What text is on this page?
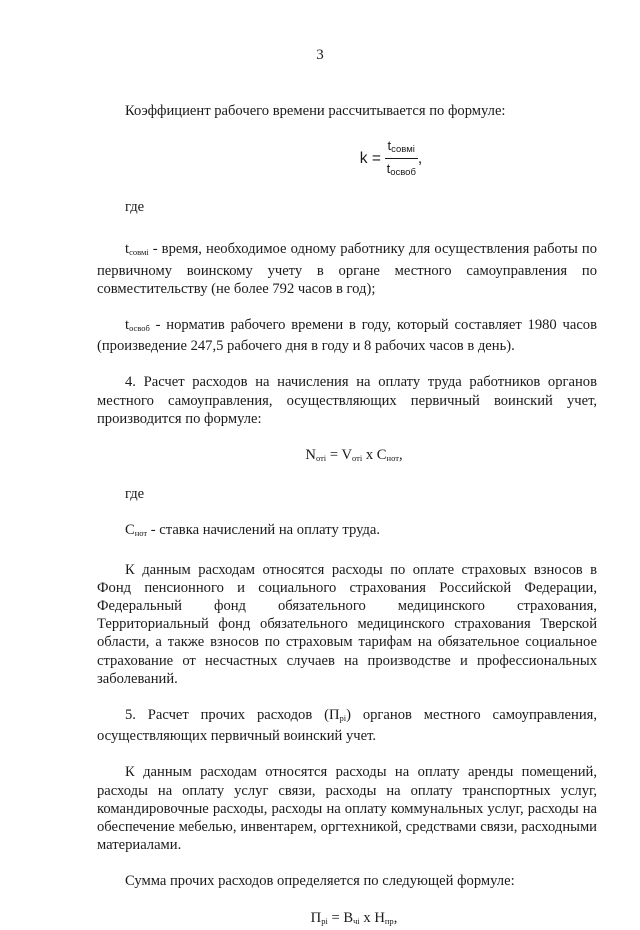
3

Коэффициент рабочего времени рассчитывается по формуле:

$k = \frac{t_{совмі}}{t_{освоб}}$ ,

где

tсовмі - время, необходимое одному работнику для осуществления работы по первичному воинскому учету в органе местного самоуправления по совместительству (не более 792 часов в год);

tосвоб - норматив рабочего времени в году, который составляет 1980 часов (произведение 247,5 рабочего дня в году и 8 рабочих часов в день).

4. Расчет расходов на начисления на оплату труда работников органов местного самоуправления, осуществляющих первичный воинский учет, производится по формуле:

Nотi = Vотi x Cнот,

где

Снот - ставка начислений на оплату труда.

К данным расходам относятся расходы по оплате страховых взносов в Фонд пенсионного и социального страхования Российской Федерации,

Федеральный фонд обязательного медицинского страхования,

Территориальный фонд обязательного медицинского страхования Тверской области, а также взносов по страховым тарифам на обязательное социальное страхование от несчастных случаев на производстве и профессиональных заболеваний.

5. Расчет прочих расходов (Прi) органов местного самоуправления, осуществляющих первичный воинский учет.

К данным расходам относятся расходы на оплату аренды помещений, расходы на оплату услуг связи, расходы на оплату транспортных услуг, командировочные расходы, расходы на оплату коммунальных услуг, расходы на обеспечение мебелью, инвентарем, оргтехникой, средствами связи, расходными материалами.

Сумма прочих расходов определяется по следующей формуле:

Прi = Вчi x Нпр,
